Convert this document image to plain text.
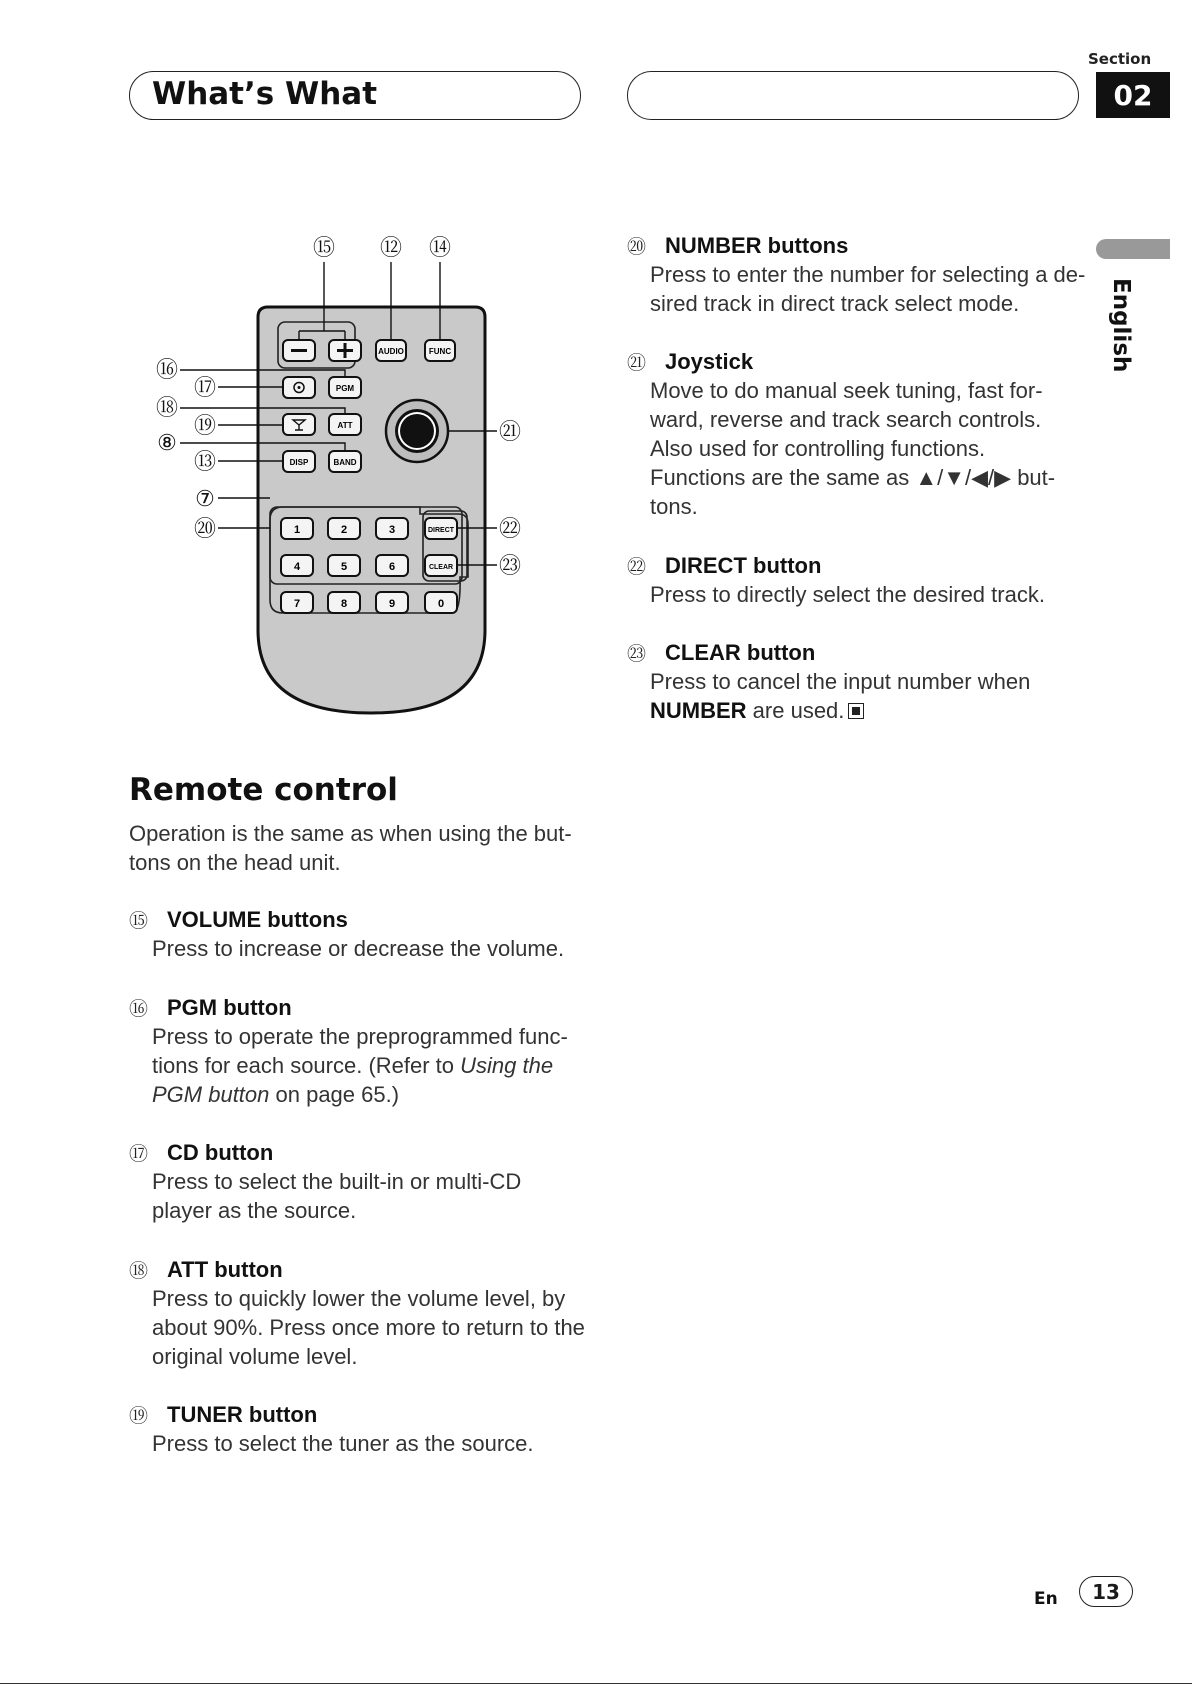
What’s What
Section
02
English
AUDIO	FUNC
PGM
ATT
DISP	BAND
1	2	3
4	5	6
7	8	9	0
DIRECT
CLEAR
⑮ ⑫ ⑭
⑯
⑰
⑱
⑲
⑧
⑬
⑦
⑳
㉑
㉒
㉓
Remote control
Operation is the same as when using the but-
tons on the head unit.
⑮ VOLUME buttons
Press to increase or decrease the volume.
⑯ PGM button
Press to operate the preprogrammed func-
tions for each source. (Refer to Using the
PGM button on page 65.)
⑰ CD button
Press to select the built-in or multi-CD
player as the source.
⑱ ATT button
Press to quickly lower the volume level, by
about 90%. Press once more to return to the
original volume level.
⑲ TUNER button
Press to select the tuner as the source.
⑳ NUMBER buttons
Press to enter the number for selecting a de-
sired track in direct track select mode.
㉑ Joystick
Move to do manual seek tuning, fast for-
ward, reverse and track search controls.
Also used for controlling functions.
Functions are the same as ▲/▼/◀/▶ but-
tons.
㉒ DIRECT button
Press to directly select the desired track.
㉓ CLEAR button
Press to cancel the input number when
NUMBER are used.
En	13
